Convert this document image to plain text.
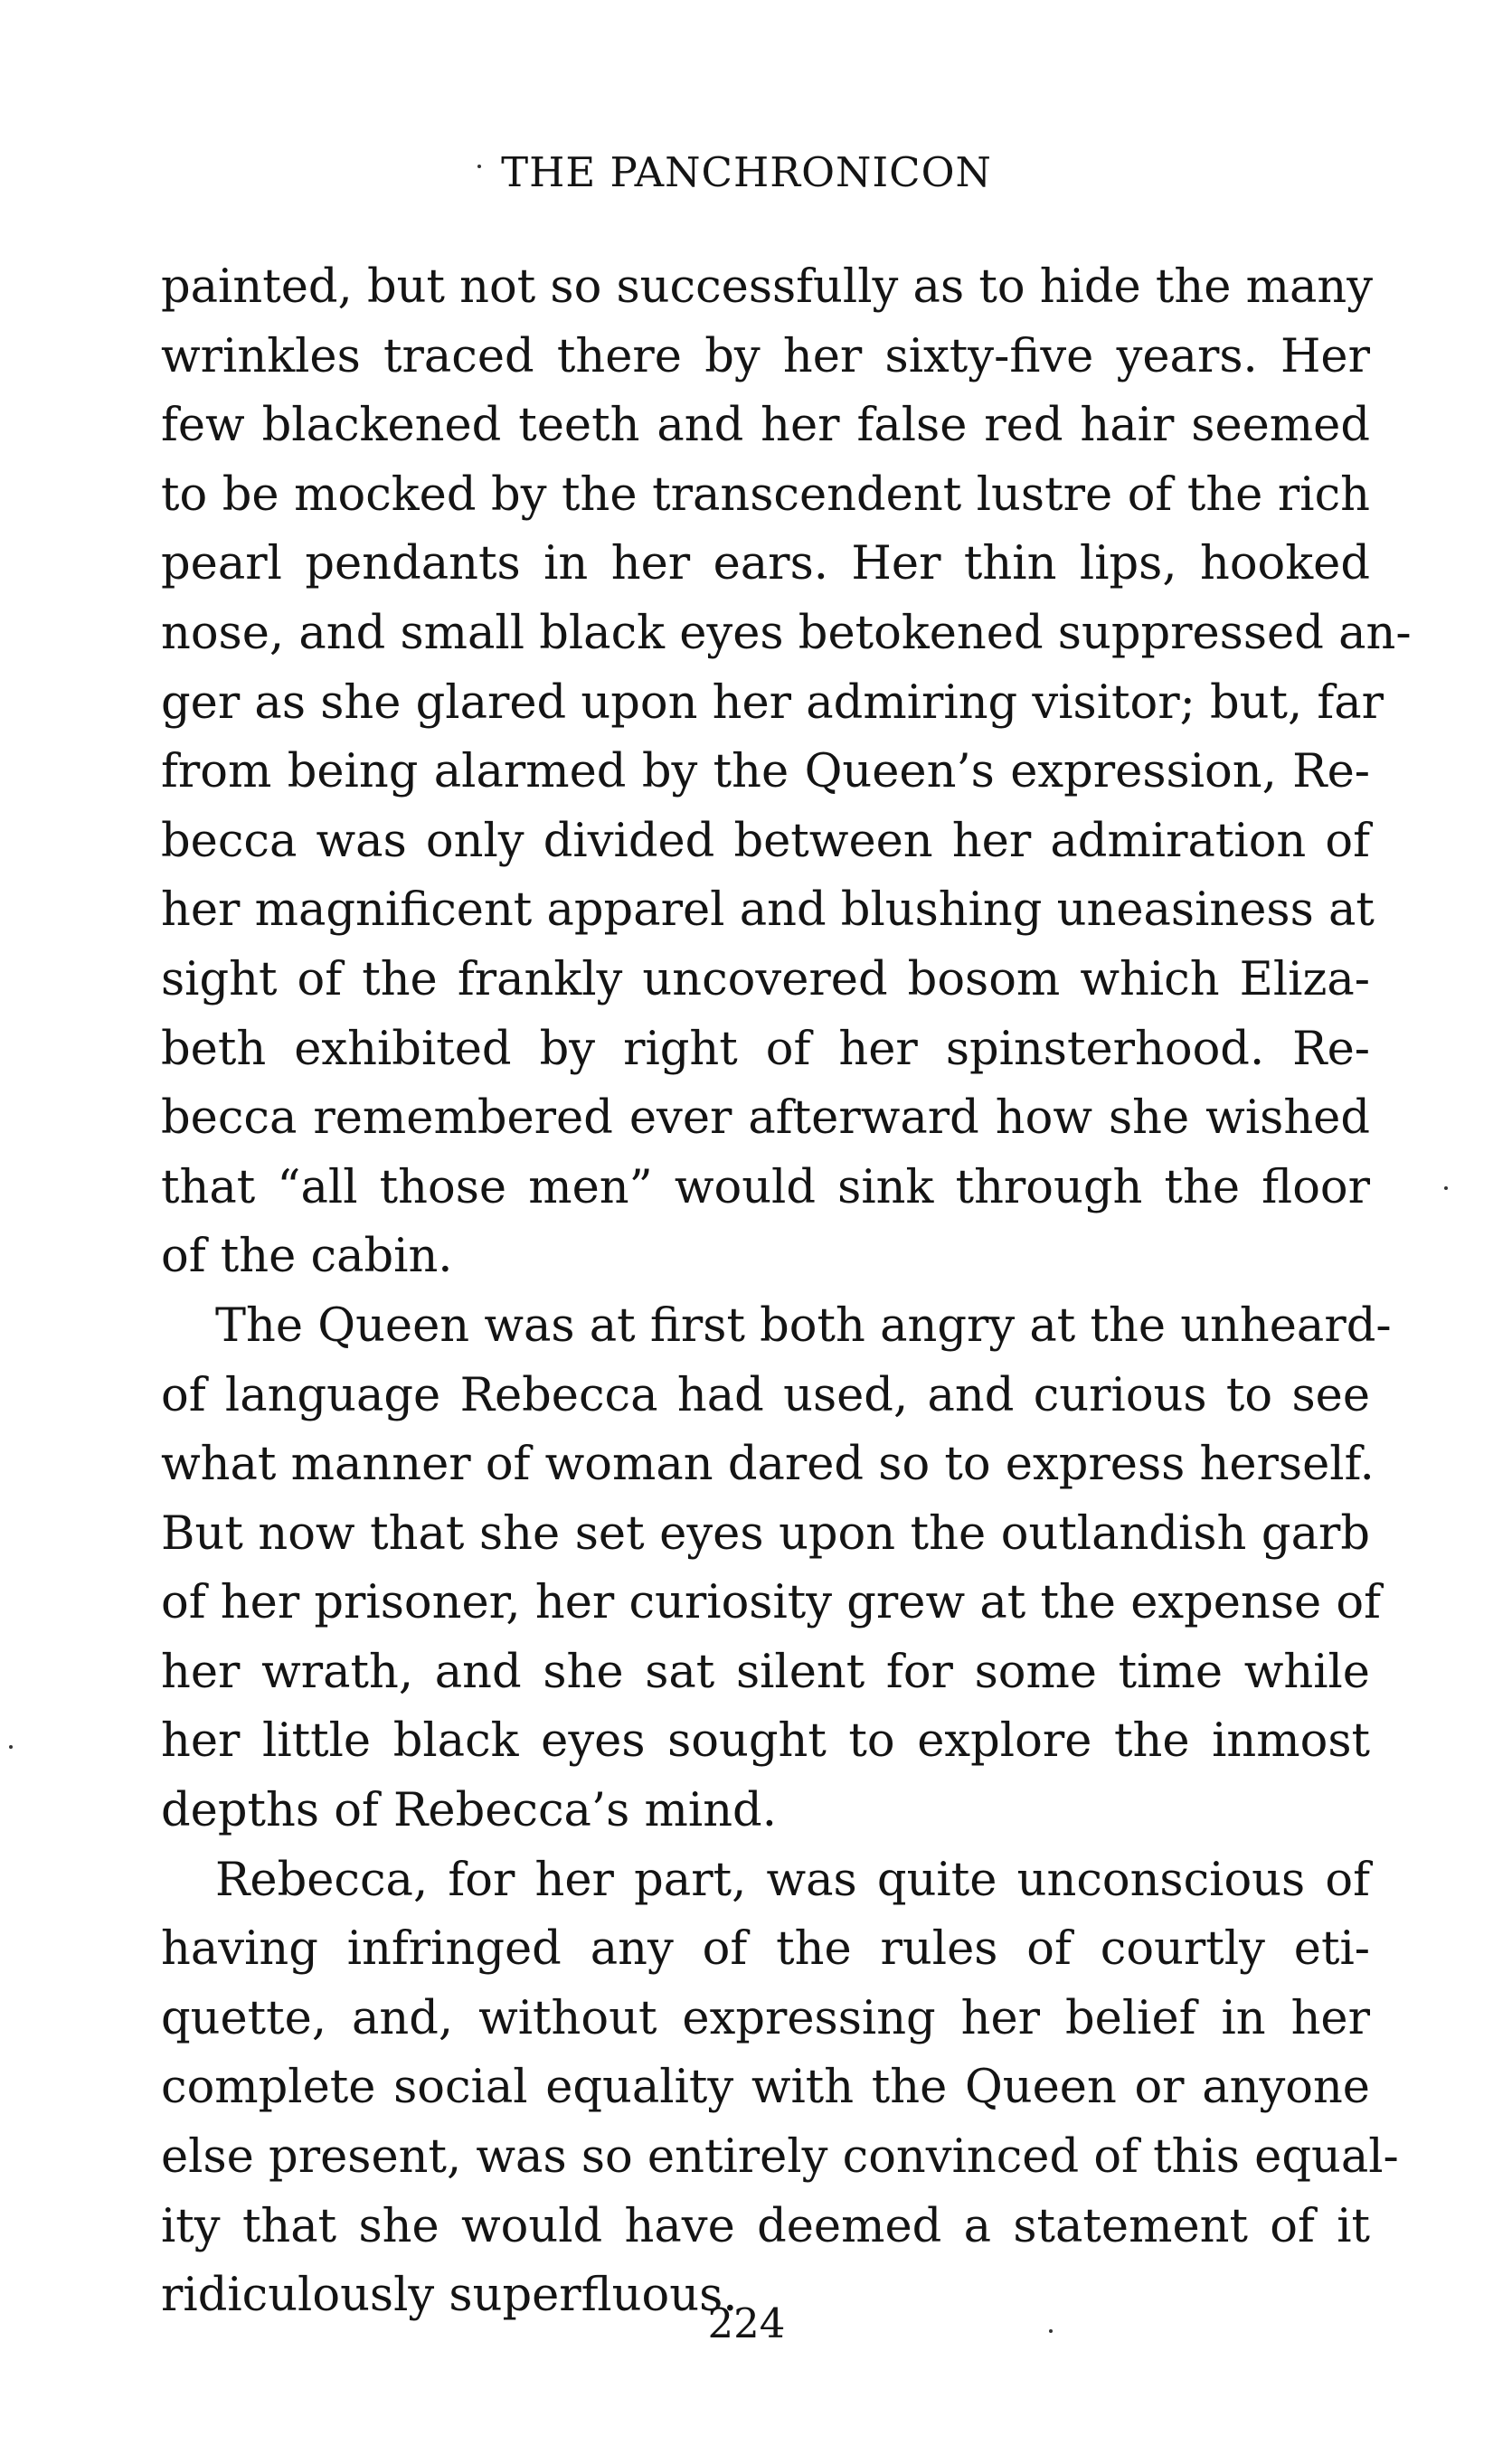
THE PANCHRONICON
painted, but not so successfully as to hide the many
wrinkles traced there by her sixty-five years. Her
few blackened teeth and her false red hair seemed
to be mocked by the transcendent lustre of the rich
pearl pendants in her ears. Her thin lips, hooked
nose, and small black eyes betokened suppressed an-
ger as she glared upon her admiring visitor; but, far
from being alarmed by the Queen’s expression, Re-
becca was only divided between her admiration of
her magnificent apparel and blushing uneasiness at
sight of the frankly uncovered bosom which Eliza-
beth exhibited by right of her spinsterhood. Re-
becca remembered ever afterward how she wished
that “all those men” would sink through the floor
of the cabin.
The Queen was at first both angry at the unheard-
of language Rebecca had used, and curious to see
what manner of woman dared so to express herself.
But now that she set eyes upon the outlandish garb
of her prisoner, her curiosity grew at the expense of
her wrath, and she sat silent for some time while
her little black eyes sought to explore the inmost
depths of Rebecca’s mind.
Rebecca, for her part, was quite unconscious of
having infringed any of the rules of courtly eti-
quette, and, without expressing her belief in her
complete social equality with the Queen or anyone
else present, was so entirely convinced of this equal-
ity that she would have deemed a statement of it
ridiculously superfluous.
224
